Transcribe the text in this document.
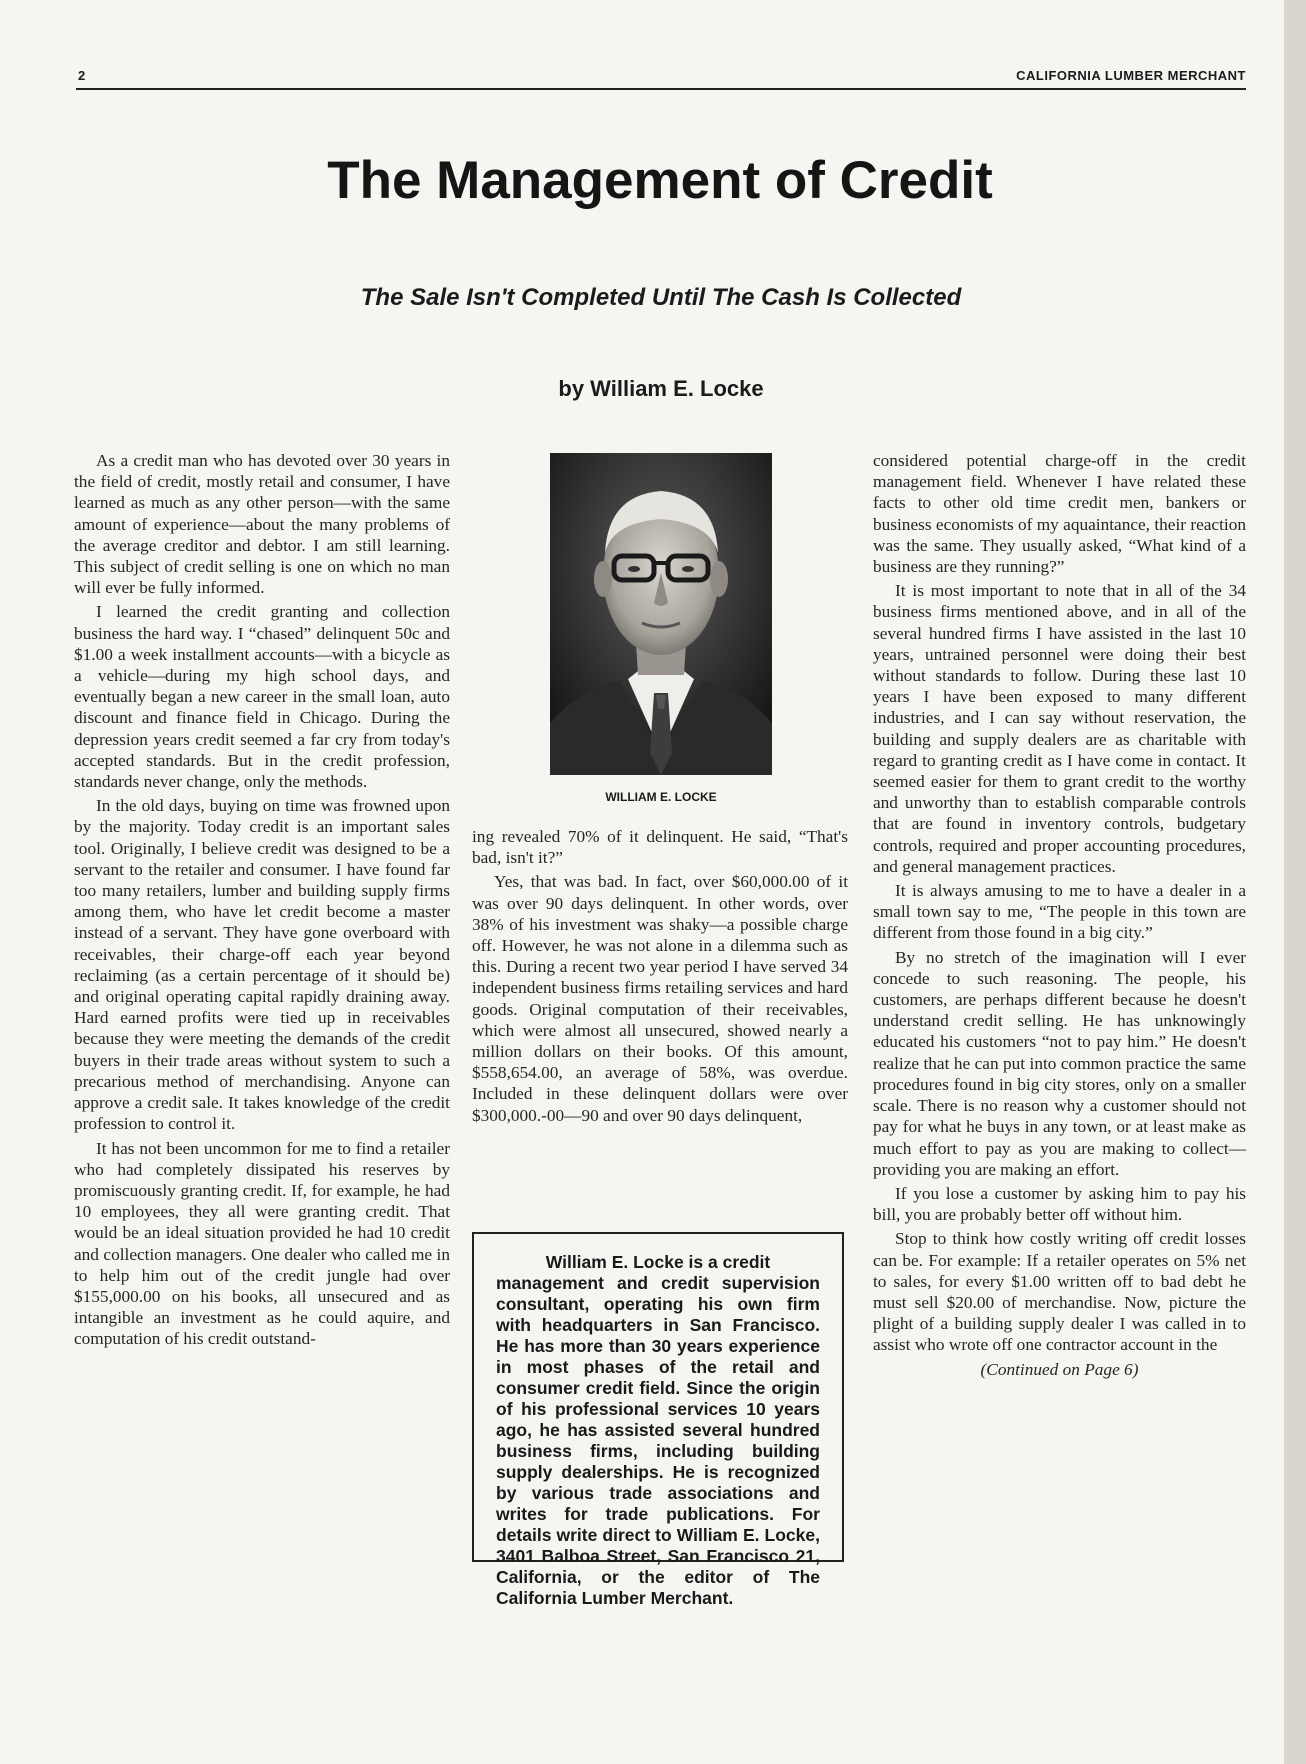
2	CALIFORNIA LUMBER MERCHANT
The Management of Credit
The Sale Isn't Completed Until The Cash Is Collected
by William E. Locke

As a credit man who has devoted over 30 years in the field of credit, mostly retail and consumer, I have learned as much as any other person—with the same amount of experience—about the many problems of the average creditor and debtor. I am still learning. This subject of credit selling is one on which no man will ever be fully informed.

I learned the credit granting and collection business the hard way. I “chased” delinquent 50c and $1.00 a week installment accounts—with a bicycle as a vehicle—during my high school days, and eventually began a new career in the small loan, auto discount and finance field in Chicago. During the depression years credit seemed a far cry from today's accepted standards. But in the credit profession, standards never change, only the methods.

In the old days, buying on time was frowned upon by the majority. Today credit is an important sales tool. Originally, I believe credit was designed to be a servant to the retailer and consumer. I have found far too many retailers, lumber and building supply firms among them, who have let credit become a master instead of a servant. They have gone overboard with receivables, their charge-off each year beyond reclaiming (as a certain percentage of it should be) and original operating capital rapidly draining away. Hard earned profits were tied up in receivables because they were meeting the demands of the credit buyers in their trade areas without system to such a precarious method of merchandising. Anyone can approve a credit sale. It takes knowledge of the credit profession to control it.

It has not been uncommon for me to find a retailer who had completely dissipated his reserves by promiscuously granting credit. If, for example, he had 10 employees, they all were granting credit. That would be an ideal situation provided he had 10 credit and collection managers. One dealer who called me in to help him out of the credit jungle had over $155,000.00 on his books, all unsecured and as intangible an investment as he could aquire, and computation of his credit outstand-

WILLIAM E. LOCKE

ing revealed 70% of it delinquent. He said, “That's bad, isn't it?”

Yes, that was bad. In fact, over $60,000.00 of it was over 90 days delinquent. In other words, over 38% of his investment was shaky—a possible charge off. However, he was not alone in a dilemma such as this. During a recent two year period I have served 34 independent business firms retailing services and hard goods. Original computation of their receivables, which were almost all unsecured, showed nearly a million dollars on their books. Of this amount, $558,654.00, an average of 58%, was overdue. Included in these delinquent dollars were over $300,000.-00—90 and over 90 days delinquent,

William E. Locke is a credit

management and credit supervision consultant, operating his own firm with headquarters in San Francisco. He has more than 30 years experience in most phases of the retail and consumer credit field. Since the origin of his professional services 10 years ago, he has assisted several hundred business firms, including building supply dealerships. He is recognized by various trade associations and writes for trade publications. For details write direct to William E. Locke, 3401 Balboa Street, San Francisco 21, California, or the editor of The California Lumber Merchant.

considered potential charge-off in the credit management field. Whenever I have related these facts to other old time credit men, bankers or business economists of my aquaintance, their reaction was the same. They usually asked, “What kind of a business are they running?”

It is most important to note that in all of the 34 business firms mentioned above, and in all of the several hundred firms I have assisted in the last 10 years, untrained personnel were doing their best without standards to follow. During these last 10 years I have been exposed to many different industries, and I can say without reservation, the building and supply dealers are as charitable with regard to granting credit as I have come in contact. It seemed easier for them to grant credit to the worthy and unworthy than to establish comparable controls that are found in inventory controls, budgetary controls, required and proper accounting procedures, and general management practices.

It is always amusing to me to have a dealer in a small town say to me, “The people in this town are different from those found in a big city.”

By no stretch of the imagination will I ever concede to such reasoning. The people, his customers, are perhaps different because he doesn't understand credit selling. He has unknowingly educated his customers “not to pay him.” He doesn't realize that he can put into common practice the same procedures found in big city stores, only on a smaller scale. There is no reason why a customer should not pay for what he buys in any town, or at least make as much effort to pay as you are making to collect—providing you are making an effort.

If you lose a customer by asking him to pay his bill, you are probably better off without him.

Stop to think how costly writing off credit losses can be. For example: If a retailer operates on 5% net to sales, for every $1.00 written off to bad debt he must sell $20.00 of merchandise. Now, picture the plight of a building supply dealer I was called in to assist who wrote off one contractor account in the

(Continued on Page 6)
